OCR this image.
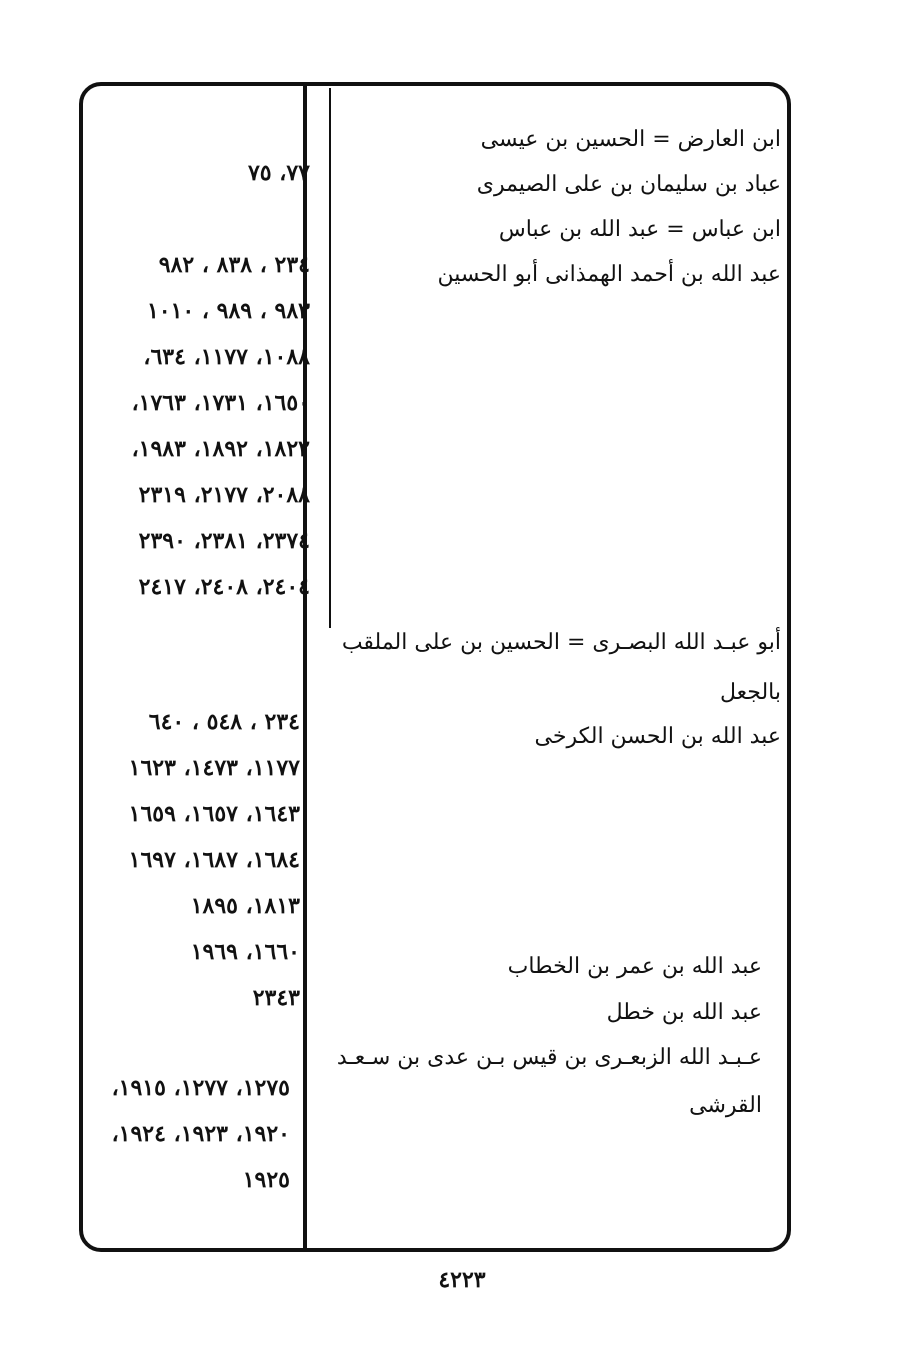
ابن العارض = الحسين بن عيسى
عباد بن سليمان بن على الصيمرى
ابن عباس = عبد الله بن عباس
عبد الله بن أحمد الهمذانى أبو الحسين
أبو عبـد الله البصـرى = الحسين بن على الملقب
بالجعل
عبد الله بن الحسن الكرخى
عبد الله بن عمر بن الخطاب
عبد الله بن خطل
عـبـد الله الزبعـرى بن قيس بـن عدى بن سـعـد
القرشى
٧٧، ٧٥
٢٣٤ ، ٨٣٨ ، ٩٨٢
٩٨٣ ، ٩٨٩ ، ١٠١٠
١٠٨٨، ١١٧٧، ٦٣٤،
١٦٥٠، ١٧٣١، ١٧٦٣،
١٨٢٢، ١٨٩٢، ١٩٨٣،
٢٠٨٨، ٢١٧٧، ٢٣١٩
٢٣٧٤، ٢٣٨١، ٢٣٩٠
٢٤٠٤، ٢٤٠٨، ٢٤١٧
٢٣٤ ، ٥٤٨ ، ٦٤٠
١١٧٧، ١٤٧٣، ١٦٢٣
١٦٤٣، ١٦٥٧، ١٦٥٩
١٦٨٤، ١٦٨٧، ١٦٩٧
١٨١٣، ١٨٩٥
١٦٦٠، ١٩٦٩
٢٣٤٣
١٢٧٥، ١٢٧٧، ١٩١٥،
١٩٢٠، ١٩٢٣، ١٩٢٤،
١٩٢٥
٤٢٢٣
